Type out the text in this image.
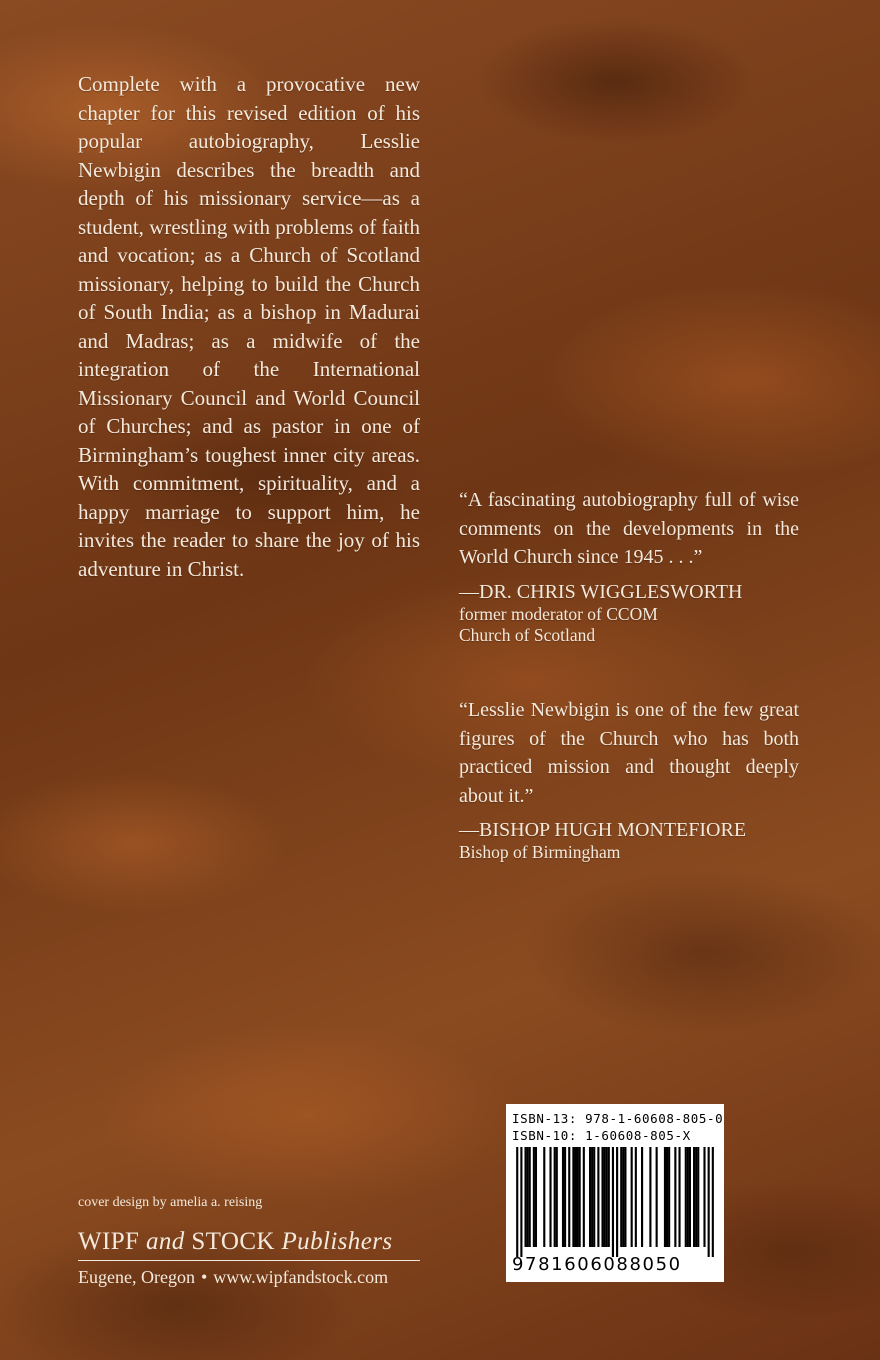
Complete with a provocative new chapter for this revised edition of his popular autobiography, Lesslie Newbigin describes the breadth and depth of his missionary service—as a student, wrestling with problems of faith and vocation; as a Church of Scotland missionary, helping to build the Church of South India; as a bishop in Madurai and Madras; as a midwife of the integration of the International Missionary Council and World Council of Churches; and as pastor in one of Birmingham’s toughest inner city areas. With commitment, spirituality, and a happy marriage to support him, he invites the reader to share the joy of his adventure in Christ.

“A fascinating autobiography full of wise comments on the developments in the World Church since 1945 . . .”

—DR. CHRIS WIGGLESWORTH
former moderator of CCOM
Church of Scotland

“Lesslie Newbigin is one of the few great figures of the Church who has both practiced mission and thought deeply about it.”

—BISHOP HUGH MONTEFIORE
Bishop of Birmingham
cover design by amelia a. reising
WIPF and STOCK Publishers
Eugene, Oregon • www.wipfandstock.com
ISBN-13: 978-1-60608-805-0
ISBN-10: 1-60608-805-X
9781606088050
